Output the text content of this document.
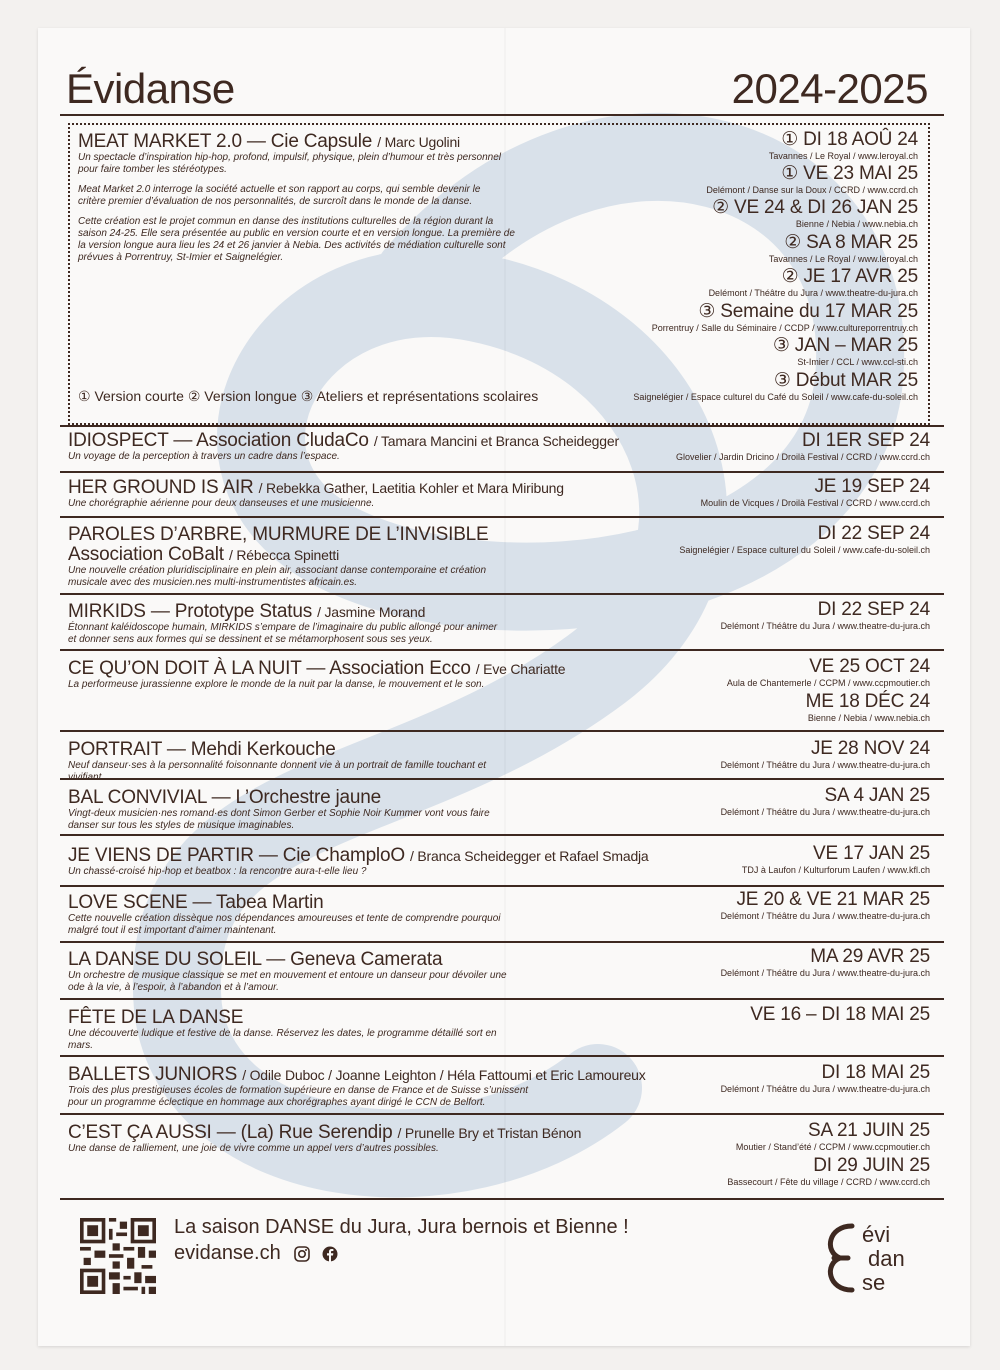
Évidanse	2024-2025
MEAT MARKET 2.0 — Cie Capsule / Marc Ugolini
Un spectacle d’inspiration hip-hop, profond, impulsif, physique, plein d’humour et très personnel pour faire tomber les stéréotypes.
Meat Market 2.0 interroge la société actuelle et son rapport au corps, qui semble devenir le critère premier d’évaluation de nos personnalités, de surcroît dans le monde de la danse.
Cette création est le projet commun en danse des institutions culturelles de la région durant la saison 24-25. Elle sera présentée au public en version courte et en version longue. La première de la version longue aura lieu les 24 et 26 janvier à Nebia. Des activités de médiation culturelle sont prévues à Porrentruy, St-Imier et Saignelégier.
① DI 18 AOÛ 24
Tavannes / Le Royal / www.leroyal.ch
① VE 23 MAI 25
Delémont / Danse sur la Doux / CCRD / www.ccrd.ch
② VE 24 & DI 26 JAN 25
Bienne / Nebia / www.nebia.ch
② SA 8 MAR 25
Tavannes / Le Royal / www.leroyal.ch
② JE 17 AVR 25
Delémont / Théâtre du Jura / www.theatre-du-jura.ch
③ Semaine du 17 MAR 25
Porrentruy / Salle du Séminaire / CCDP / www.cultureporrentruy.ch
③ JAN – MAR 25
St-Imier / CCL / www.ccl-sti.ch
③ Début MAR 25
Saignelégier / Espace culturel du Café du Soleil / www.cafe-du-soleil.ch
① Version courte ② Version longue ③ Ateliers et représentations scolaires
IDIOSPECT — Association CludaCo / Tamara Mancini et Branca Scheidegger
Un voyage de la perception à travers un cadre dans l’espace.
DI 1ER SEP 24
Glovelier / Jardin Dricino / Droilà Festival / CCRD / www.ccrd.ch
HER GROUND IS AIR / Rebekka Gather, Laetitia Kohler et Mara Miribung
Une chorégraphie aérienne pour deux danseuses et une musicienne.
JE 19 SEP 24
Moulin de Vicques / Droilà Festival / CCRD / www.ccrd.ch
PAROLES D’ARBRE, MURMURE DE L’INVISIBLE
Association CoBalt / Rébecca Spinetti
Une nouvelle création pluridisciplinaire en plein air, associant danse contemporaine et création musicale avec des musicien.nes multi-instrumentistes africain.es.
DI 22 SEP 24
Saignelégier / Espace culturel du Soleil / www.cafe-du-soleil.ch
MIRKIDS — Prototype Status / Jasmine Morand
Étonnant kaléidoscope humain, MIRKIDS s’empare de l’imaginaire du public allongé pour animer et donner sens aux formes qui se dessinent et se métamorphosent sous ses yeux.
DI 22 SEP 24
Delémont / Théâtre du Jura / www.theatre-du-jura.ch
CE QU’ON DOIT À LA NUIT — Association Ecco / Eve Chariatte
La performeuse jurassienne explore le monde de la nuit par la danse, le mouvement et le son.
VE 25 OCT 24
Aula de Chantemerle / CCPM / www.ccpmoutier.ch
ME 18 DÉC 24
Bienne / Nebia / www.nebia.ch
PORTRAIT — Mehdi Kerkouche
Neuf danseur·ses à la personnalité foisonnante donnent vie à un portrait de famille touchant et
JE 28 NOV 24
Delémont / Théâtre du Jura / www.theatre-du-jura.ch
BAL CONVIVIAL — L’Orchestre jaune
Vingt-deux musicien·nes romand·es dont Simon Gerber et Sophie Noir Kummer vont vous faire danser sur tous les styles de musique imaginables.
SA 4 JAN 25
Delémont / Théâtre du Jura / www.theatre-du-jura.ch
JE VIENS DE PARTIR — Cie ChamploO / Branca Scheidegger et Rafael Smadja
Un chassé-croisé hip-hop et beatbox : la rencontre aura-t-elle lieu ?
VE 17 JAN 25
TDJ à Laufon / Kulturforum Laufen / www.kfl.ch
LOVE SCENE — Tabea Martin
Cette nouvelle création dissèque nos dépendances amoureuses et tente de comprendre pourquoi malgré tout il est important d’aimer maintenant.
JE 20 & VE 21 MAR 25
Delémont / Théâtre du Jura / www.theatre-du-jura.ch
LA DANSE DU SOLEIL — Geneva Camerata
Un orchestre de musique classique se met en mouvement et entoure un danseur pour dévoiler une ode à la vie, à l’espoir, à l’abandon et à l’amour.
MA 29 AVR 25
Delémont / Théâtre du Jura / www.theatre-du-jura.ch
FÊTE DE LA DANSE
Une découverte ludique et festive de la danse. Réservez les dates, le programme détaillé sort en mars.
VE 16 – DI 18 MAI 25
BALLETS JUNIORS / Odile Duboc / Joanne Leighton / Héla Fattoumi et Eric Lamoureux
Trois des plus prestigieuses écoles de formation supérieure en danse de France et de Suisse s’unissent pour un programme éclectique en hommage aux chorégraphes ayant dirigé le CCN de Belfort.
DI 18 MAI 25
Delémont / Théâtre du Jura / www.theatre-du-jura.ch
C’EST ÇA AUSSI — (La) Rue Serendip / Prunelle Bry et Tristan Bénon
Une danse de ralliement, une joie de vivre comme un appel vers d’autres possibles.
SA 21 JUIN 25
Moutier / Stand’été / CCPM / www.ccpmoutier.ch
DI 29 JUIN 25
Bassecourt / Fête du village / CCRD / www.ccrd.ch
La saison DANSE du Jura, Jura bernois et Bienne !
evidanse.ch
évi
dan
se
